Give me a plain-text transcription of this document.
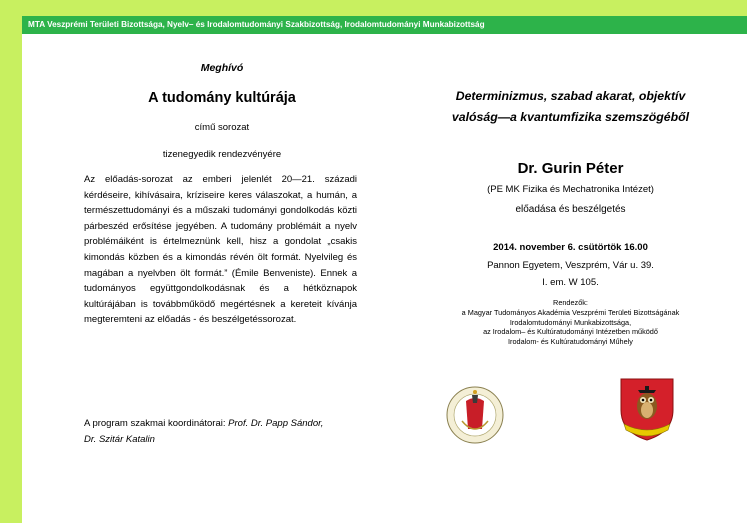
MTA Veszprémi Területi Bizottsága, Nyelv– és Irodalomtudományi Szakbizottság, Irodalomtudományi Munkabizottság
Meghívó
A tudomány kultúrája
című sorozat
tizenegyedik rendezvényére
Az előadás-sorozat az emberi jelenlét 20—21. századi kérdéseire, kihívásaira, kríziseire keres válaszokat, a humán, a természettudományi és a műszaki tudományi gondolkodás közti párbeszéd erősítése jegyében. A tudomány problémáit a nyelv problémáiként is értelmeznünk kell, hisz a gondolat „csakis kimondás közben és a kimondás révén ölt formát. Nyelvileg és magában a nyelvben ölt formát.” (Émile Benveniste). Ennek a tudományos együttgondolkodásnak és a hétköznapok kultúrájában is továbbműködő megértésnek a kereteit kívánja megteremteni az előadás - és beszélgetéssorozat.
A program szakmai koordinátorai: Prof. Dr. Papp Sándor,
Dr. Szitár Katalin
Determinizmus, szabad akarat, objektív
valóság—a kvantumfizika szemszögéből
Dr. Gurin Péter
(PE MK Fizika és Mechatronika Intézet)
előadása és beszélgetés
2014. november 6. csütörtök 16.00
Pannon Egyetem, Veszprém, Vár u. 39.
I. em. W 105.
Rendezők:
a Magyar Tudományos Akadémia Veszprémi Területi Bizottságának
Irodalomtudományi Munkabizottsága,
az Irodalom– és Kultúratudományi Intézetben működő
Irodalom- és Kultúratudományi Műhely
